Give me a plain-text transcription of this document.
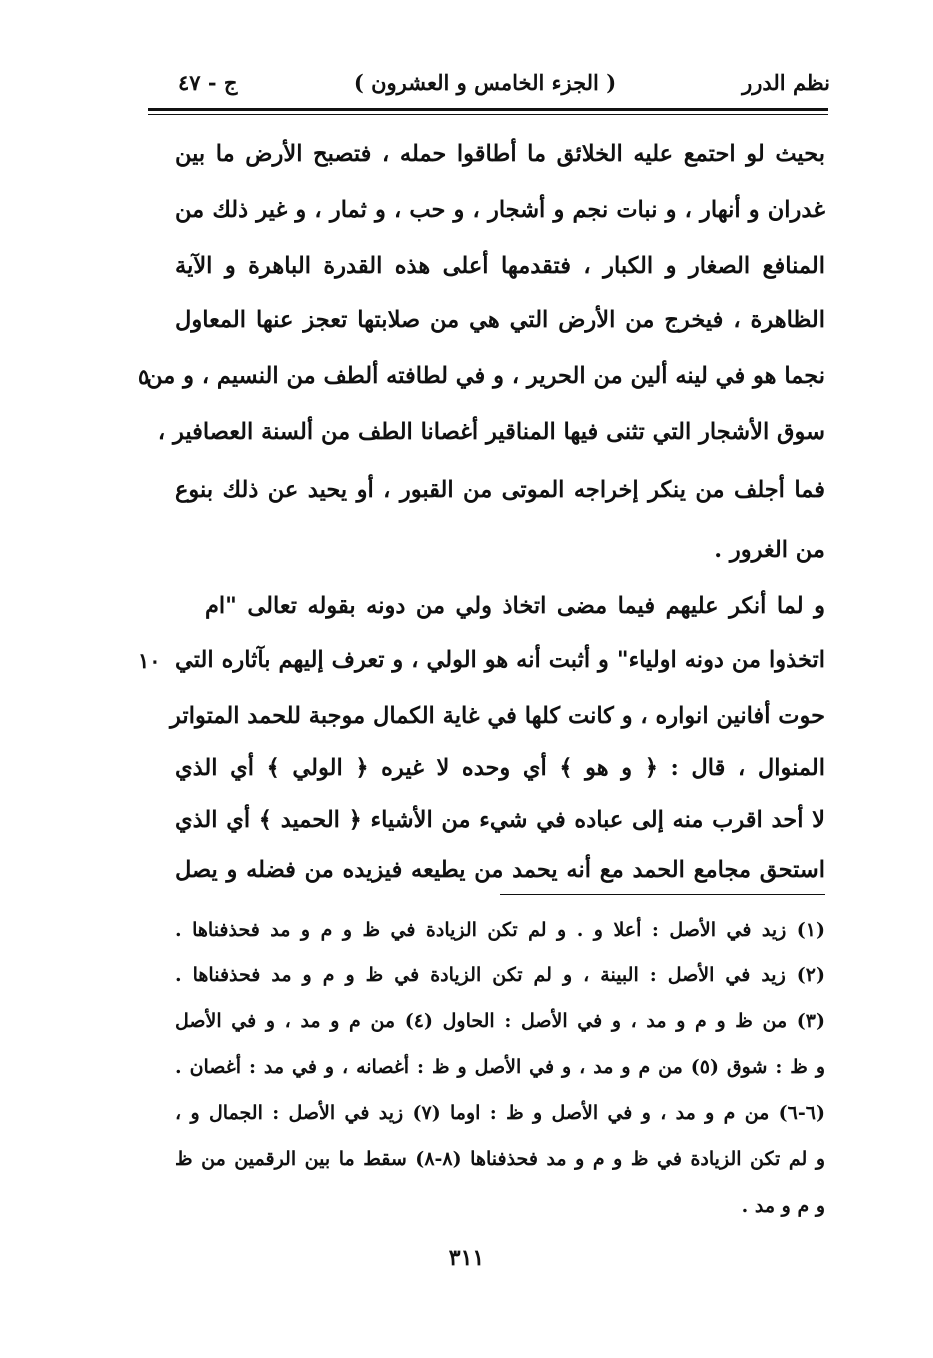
نظم الدرر
( الجزء الخامس و العشرون )
ج - ٤٧
بحيث لو احتمع عليه الخلائق ما أطاقوا حمله ، فتصبح الأرض ما بين
غدران و أنهار ، و نبات نجم و أشجار ، و حب ، و ثمار ، و غير ذلك من
المنافع الصغار و الكبار ، فتقدمها أعلى هذه القدرة الباهرة و الآية
الظاهرة ، فيخرج من الأرض التي هي من صلابتها تعجز عنها المعاول
نجما هو في لينه ألين من الحرير ، و في لطافته ألطف من النسيم ، و من
سوق الأشجار التي تثنى فيها المناقير أغصانا الطف من ألسنة العصافير ،
فما أجلف من ينكر إخراجه الموتى من القبور ، أو يحيد عن ذلك بنوع
من الغرور .
و لما أنكر عليهم فيما مضى اتخاذ ولي من دونه بقوله تعالى "ام
اتخذوا من دونه اولياء" و أثبت أنه هو الولي ، و تعرف إليهم بآثاره التي
حوت أفانين انواره ، و كانت كلها في غاية الكمال موجبة للحمد المتواتر
المنوال ، قال : ﴿ و هو ﴾ أي وحده لا غيره ﴿ الولي ﴾ أي الذي
لا أحد اقرب منه إلى عباده في شيء من الأشياء ﴿ الحميد ﴾ أي الذي
استحق مجامع الحمد مع أنه يحمد من يطيعه فيزيده من فضله و يصل
٥
١٠
(١) زيد في الأصل : أعلا و . و لم تكن الزيادة في ظ و م و مد فحذفناها .
(٢) زيد في الأصل : البينة ، و لم تكن الزيادة في ظ و م و مد فحذفناها .
(٣) من ظ و م و مد ، و في الأصل : الحاول (٤) من م و مد ، و في الأصل
و ظ : شوق (٥) من م و مد ، و في الأصل و ظ : أغصانه ، و في مد : أغصان .
(٦-٦) من م و مد ، و في الأصل و ظ : اوما (٧) زيد في الأصل : الجمال و ،
و لم تكن الزيادة في ظ و م و مد فحذفناها (٨-٨) سقط ما بين الرقمين من ظ
و م و مد .
٣١١
